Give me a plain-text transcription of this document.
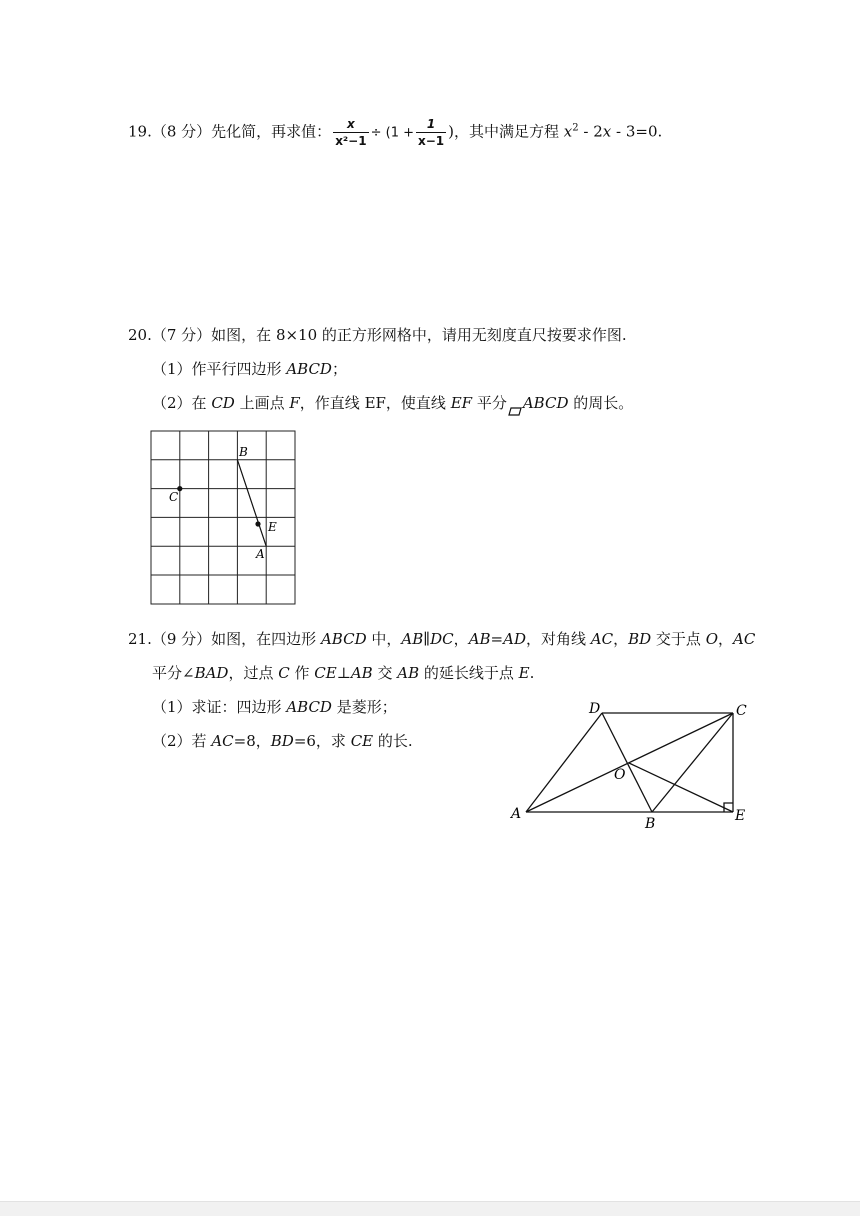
19.（8 分）先化简，再求值： $\frac{x}{\text{x²−1}} \div (1 + \frac{1}{x-1}$ )，其中满足方程 $x^2 - 2x - 3=0$.
20.（7 分）如图，在 8×10 的正方形网格中，请用无刻度直尺按要求作图.
（1）作平行四边形 ABCD；
（2）在 CD 上画点 F，作直线 EF，使直线 EF 平分 ABCD 的周长。
B
C
E
A
21.（9 分）如图，在四边形 ABCD 中，AB∥DC，AB=AD，对角线 AC，BD 交于点 O，AC
平分∠BAD，过点 C 作 CE⊥AB 交 AB 的延长线于点 E.
（1）求证：四边形 ABCD 是菱形；
（2）若 AC=8，BD=6，求 CE 的长.
D	C
O
A
B	E
